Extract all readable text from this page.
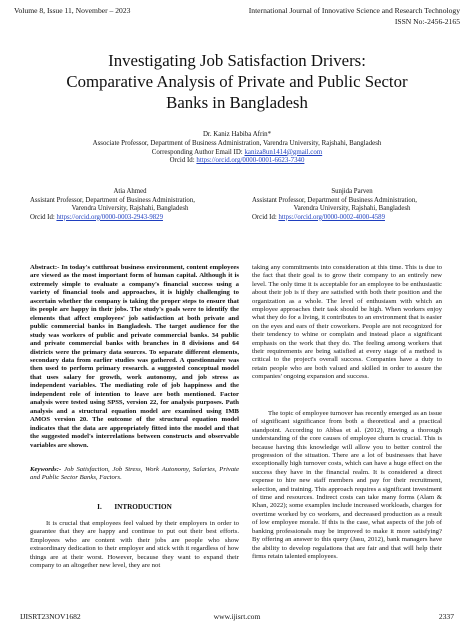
Volume 8, Issue 11, November – 2023	International Journal of Innovative Science and Research Technology
ISSN No:-2456-2165
Investigating Job Satisfaction Drivers:
Comparative Analysis of Private and Public Sector
Banks in Bangladesh
Dr. Kaniz Habiba Afrin*
Associate Professor, Department of Business Administration, Varendra University, Rajshahi, Bangladesh
Corresponding Author Email ID: kaniza8un1414@gmail.com
Orcid Id: https://orcid.org/0000-0001-6623-7340
Atia Ahmed
Assistant Professor, Department of Business Administration,
Varendra University, Rajshahi, Bangladesh
Orcid Id: https://orcid.org/0000-0003-2943-9829
Sunjida Parven
Assistant Professor, Department of Business Administration,
Varendra University, Rajshahi, Bangladesh
Orcid Id: https://orcid.org/0000-0002-4000-4589

Abstract:- In today's cutthroat business environment, content employees are viewed as the most important form of human capital. Although it is extremely simple to evaluate a company's financial success using a variety of financial tools and approaches, it is highly challenging to ascertain whether the company is taking the proper steps to ensure that its people are happy in their jobs. The study's goals were to identify the elements that affect employees' job satisfaction at both private and public commercial banks in Bangladesh. The target audience for the study was workers of public and private commercial banks. 34 public and private commercial banks with branches in 8 divisions and 64 districts were the primary data sources. To separate different elements, secondary data from earlier studies was gathered. A questionnaire was then used to perform primary research. a suggested conceptual model that uses salary for growth, work autonomy, and job stress as independent variables. The mediating role of job happiness and the independent role of intention to leave are both mentioned. Factor analysis were tested using SPSS, version 22, for analysis purposes. Path analysis and a structural equation model are examined using IMB AMOS version 20. The outcome of the structural equation model indicates that the data are appropriately fitted into the model and that the suggested model's interrelations between constructs and observable variables are shown.

Keywords:- Job Satisfaction, Job Stress, Work Autonomy, Salaries, Private and Public Sector Banks, Factors.

I. INTRODUCTION

It is crucial that employees feel valued by their employers in order to guarantee that they are happy and continue to put out their best efforts. Employees who are content with their jobs are people who show extraordinary dedication to their employer and stick with it regardless of how things are at their worst. However, because they want to expand their company to an altogether new level, they are not

taking any commitments into consideration at this time. This is due to the fact that their goal is to grow their company to an entirely new level. The only time it is acceptable for an employee to be enthusiastic about their job is if they are satisfied with both their position and the organization as a whole. The level of enthusiasm with which an employee approaches their task should be high. When workers enjoy what they do for a living, it contributes to an environment that is easier on the eyes and ears of their coworkers. People are not recognized for their tendency to whine or complain and instead place a significant emphasis on the work that they do. The feeling among workers that their requirements are being satisfied at every stage of a method is critical to the project's overall success. Companies have a duty to retain people who are both valued and skilled in order to assure the companies' ongoing expansion and success.

The topic of employee turnover has recently emerged as an issue of significant significance from both a theoretical and a practical standpoint. According to Abbas et al. (2012), Having a thorough understanding of the core causes of employee churn is crucial. This is because having this knowledge will allow you to better control the progression of the situation. There are a lot of businesses that have exceptionally high turnover costs, which can have a huge effect on the success they have in the financial realm. It is considered a direct expense to hire new staff members and pay for their recruitment, selection, and training. This approach requires a significant investment of time and resources. Indirect costs can take many forms (Alam & Khan, 2022); some examples include increased workloads, charges for overtime worked by co workers, and decreased production as a result of low employee morale. If this is the case, what aspects of the job of banking professionals may be improved to make it more satisfying? By offering an answer to this query (Jasu, 2012), bank managers have the ability to develop regulations that are fair and that will help their firms retain talented employees.

IJISRT23NOV1682	www.ijisrt.com	2337
